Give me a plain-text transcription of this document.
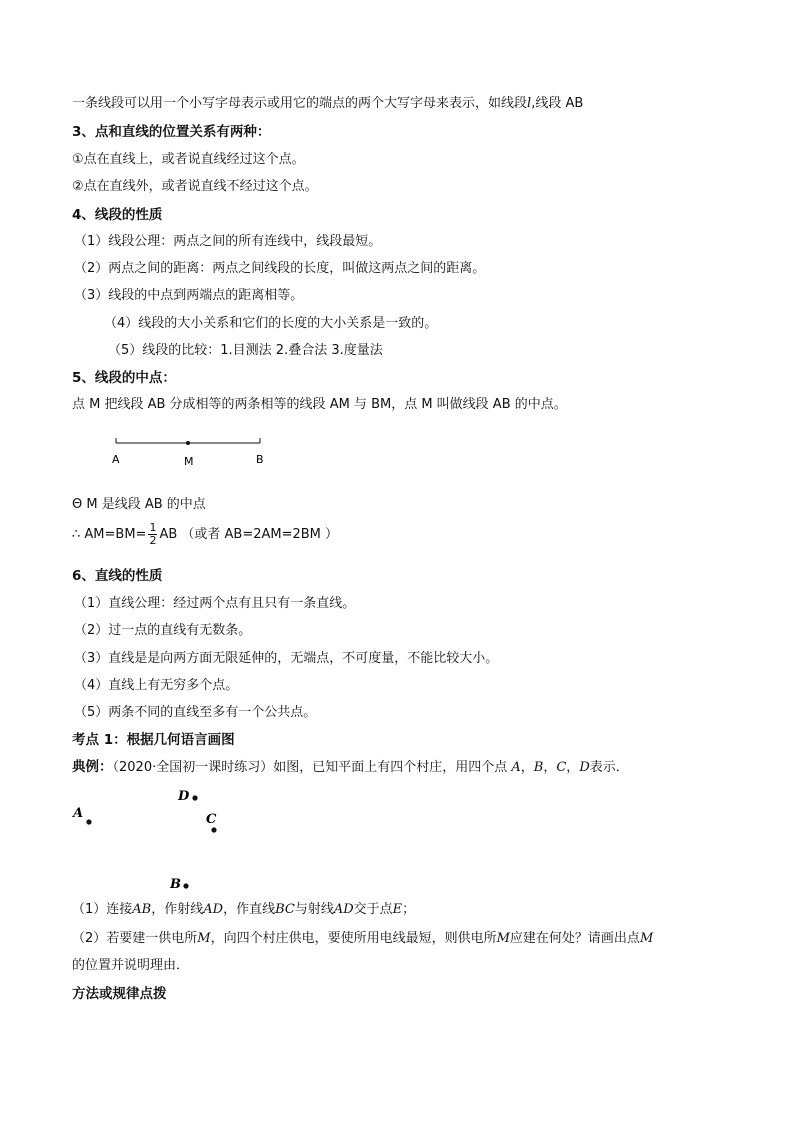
一条线段可以用一个小写字母表示或用它的端点的两个大写字母来表示，如线段l,线段 AB
3、点和直线的位置关系有两种：
①点在直线上，或者说直线经过这个点。
②点在直线外，或者说直线不经过这个点。
4、线段的性质
（1）线段公理：两点之间的所有连线中，线段最短。
（2）两点之间的距离：两点之间线段的长度，叫做这两点之间的距离。
（3）线段的中点到两端点的距离相等。
（4）线段的大小关系和它们的长度的大小关系是一致的。
（5）线段的比较：1.目测法 2.叠合法 3.度量法
5、线段的中点：
点 M 把线段 AB 分成相等的两条相等的线段 AM 与 BM，点 M 叫做线段 AB 的中点。
A	M	B
Θ M 是线段 AB 的中点
∴ $AM=BM= \frac{1}{2}$ AB （或者 AB=2AM=2BM ）
6、直线的性质
（1）直线公理：经过两个点有且只有一条直线。
（2）过一点的直线有无数条。
（3）直线是是向两方面无限延伸的，无端点，不可度量，不能比较大小。
（4）直线上有无穷多个点。
（5）两条不同的直线至多有一个公共点。
考点 1：根据几何语言画图
典例：（2020·全国初一课时练习）如图，已知平面上有四个村庄，用四个点 A，B，C，D表示．
D
A	C
B
（1）连接AB，作射线AD，作直线BC与射线AD交于点E；
（2）若要建一供电所M，向四个村庄供电，要使所用电线最短，则供电所M应建在何处？请画出点M
的位置并说明理由．
方法或规律点拨
